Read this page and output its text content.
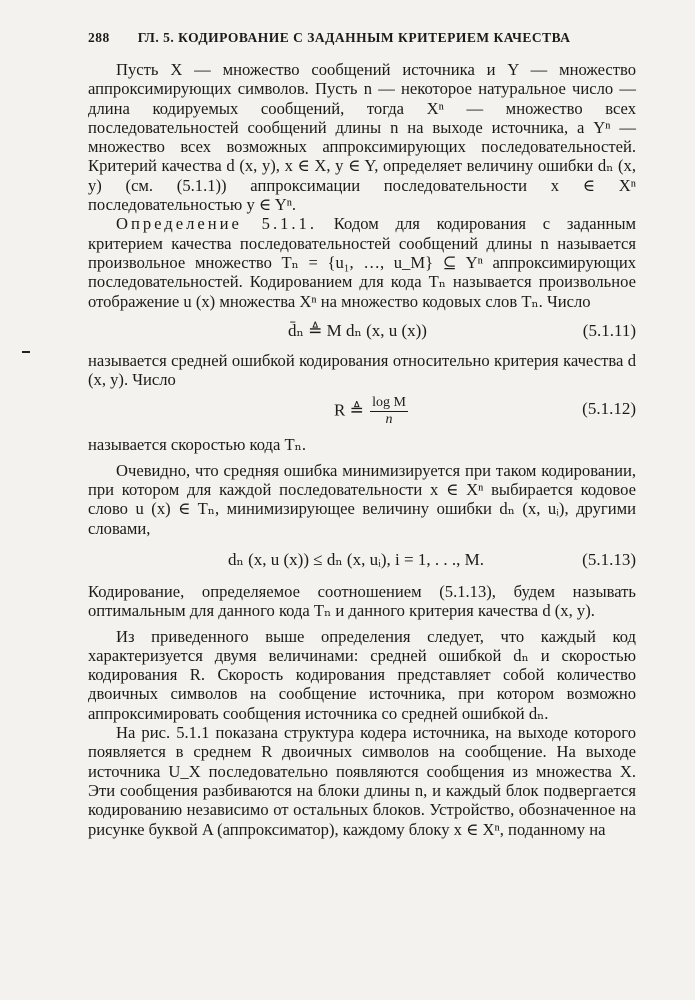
288 ГЛ. 5. КОДИРОВАНИЕ С ЗАДАННЫМ КРИТЕРИЕМ КАЧЕСТВА

Пусть X — множество сообщений источника и Y — множество аппроксимирующих символов. Пусть n — некоторое натуральное число — длина кодируемых сообщений, тогда Xⁿ — множество всех последовательностей сообщений длины n на выходе источника, а Yⁿ — множество всех возможных аппроксимирующих последовательностей. Критерий качества d (x, y), x ∈ X, y ∈ Y, определяет величину ошибки dₙ (x, y) (см. (5.1.1)) аппроксимации последовательности x ∈ Xⁿ последовательностью y ∈ Yⁿ.

Определение 5.1.1. Кодом для кодирования с заданным критерием качества последовательностей сообщений длины n называется произвольное множество Tₙ = {u₁, …, u_M} ⊆ Yⁿ аппроксимирующих последовательностей. Кодированием для кода Tₙ называется произвольное отображение u (x) множества Xⁿ на множество кодовых слов Tₙ. Число

d̄ₙ ≜ M dₙ (x, u (x))	(5.1.11)

называется средней ошибкой кодирования относительно критерия качества d (x, y). Число

R ≜ $\frac{\text{log M}}{n}$	(5.1.12)

называется скоростью кода Tₙ.

Очевидно, что средняя ошибка минимизируется при таком кодировании, при котором для каждой последовательности x ∈ Xⁿ выбирается кодовое слово u (x) ∈ Tₙ, минимизирующее величину ошибки dₙ (x, uᵢ), другими словами,

dₙ (x, u (x)) ≤ dₙ (x, uᵢ), i = 1, . . ., M.	(5.1.13)

Кодирование, определяемое соотношением (5.1.13), будем называть оптимальным для данного кода Tₙ и данного критерия качества d (x, y).

Из приведенного выше определения следует, что каждый код характеризуется двумя величинами: средней ошибкой dₙ и скоростью кодирования R. Скорость кодирования представляет собой количество двоичных символов на сообщение источника, при котором возможно аппроксимировать сообщения источника со средней ошибкой dₙ.

На рис. 5.1.1 показана структура кодера источника, на выходе которого появляется в среднем R двоичных символов на сообщение. На выходе источника U_X последовательно появляются сообщения из множества X. Эти сообщения разбиваются на блоки длины n, и каждый блок подвергается кодированию независимо от остальных блоков. Устройство, обозначенное на рисунке буквой A (аппроксиматор), каждому блоку x ∈ Xⁿ, поданному на
